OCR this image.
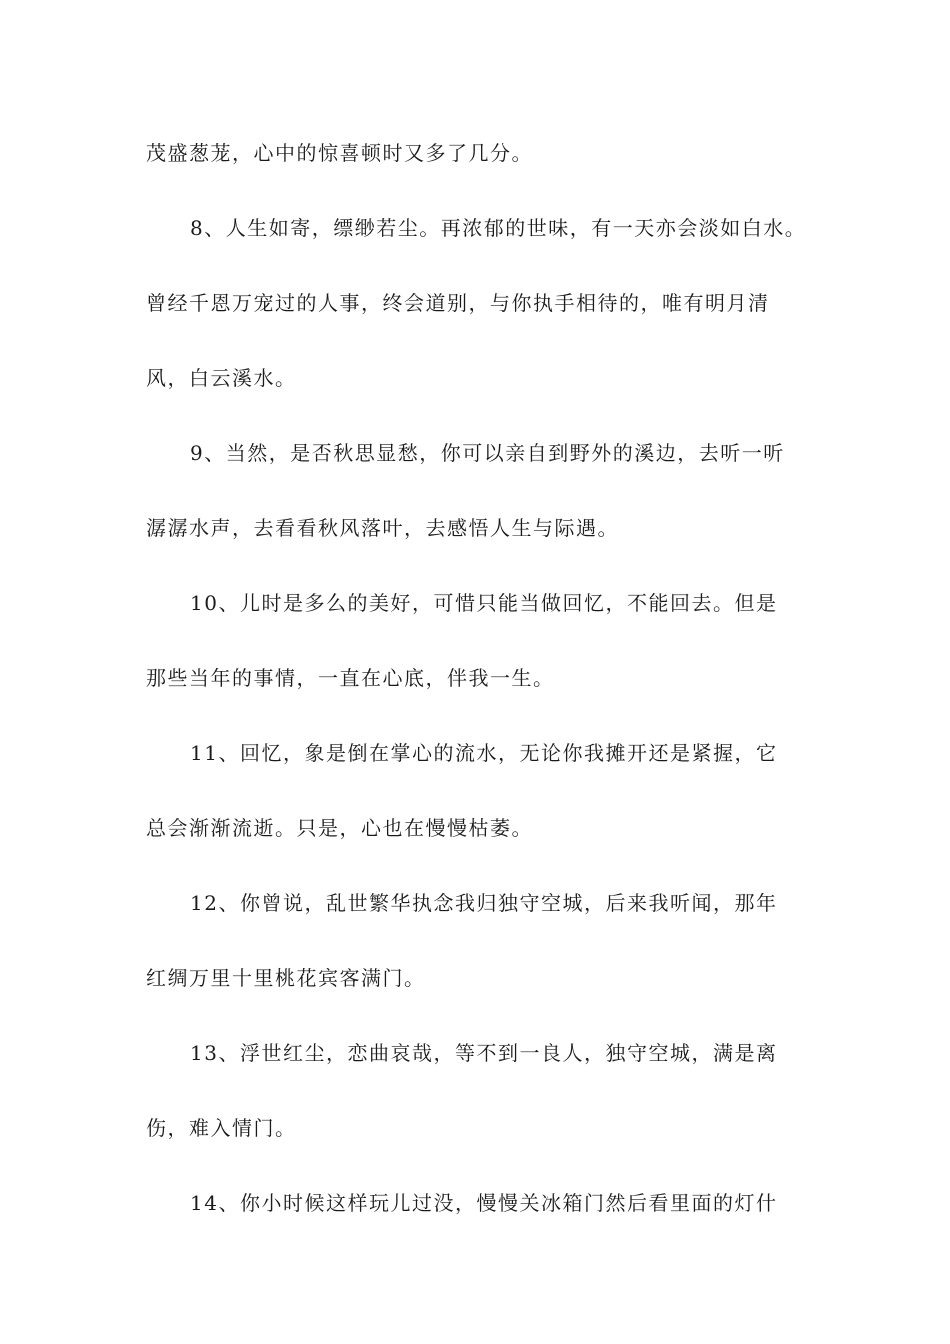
茂盛葱茏，心中的惊喜顿时又多了几分。

8、人生如寄，缥缈若尘。再浓郁的世味，有一天亦会淡如白水。

曾经千恩万宠过的人事，终会道别，与你执手相待的，唯有明月清

风，白云溪水。

9、当然，是否秋思显愁，你可以亲自到野外的溪边，去听一听

潺潺水声，去看看秋风落叶，去感悟人生与际遇。

10、儿时是多么的美好，可惜只能当做回忆，不能回去。但是

那些当年的事情，一直在心底，伴我一生。

11、回忆，象是倒在掌心的流水，无论你我摊开还是紧握，它

总会渐渐流逝。只是，心也在慢慢枯萎。

12、你曾说，乱世繁华执念我归独守空城，后来我听闻，那年

红绸万里十里桃花宾客满门。

13、浮世红尘，恋曲哀哉，等不到一良人，独守空城，满是离

伤，难入情门。

14、你小时候这样玩儿过没，慢慢关冰箱门然后看里面的灯什
